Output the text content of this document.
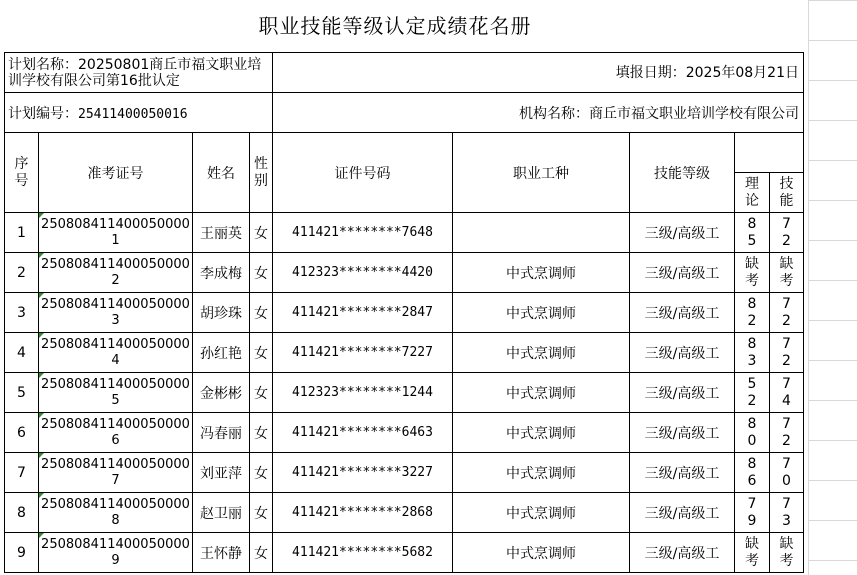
职业技能等级认定成绩花名册
计划名称：20250801商丘市福文职业培训学校有限公司第16批认定				填报日期：2025年08月21日				
计划编号：25411400050016				机构名称：商丘市福文职业培训学校有限公司				
序号	准考证号	姓名	性别	证件号码	职业工种	技能等级		
							理论	技能
1	2508084114000500001	王丽英	女	411421********7648		三级/高级工	85	72
2	2508084114000500002	李成梅	女	412323********4420	中式烹调师	三级/高级工	缺考	缺考
3	2508084114000500003	胡珍珠	女	411421********2847	中式烹调师	三级/高级工	82	72
4	2508084114000500004	孙红艳	女	411421********7227	中式烹调师	三级/高级工	83	72
5	2508084114000500005	金彬彬	女	412323********1244	中式烹调师	三级/高级工	52	74
6	2508084114000500006	冯春丽	女	411421********6463	中式烹调师	三级/高级工	80	72
7	2508084114000500007	刘亚萍	女	411421********3227	中式烹调师	三级/高级工	86	70
8	2508084114000500008	赵卫丽	女	411421********2868	中式烹调师	三级/高级工	79	73
9	2508084114000500009	王怀静	女	411421********5682	中式烹调师	三级/高级工	缺考	缺考
